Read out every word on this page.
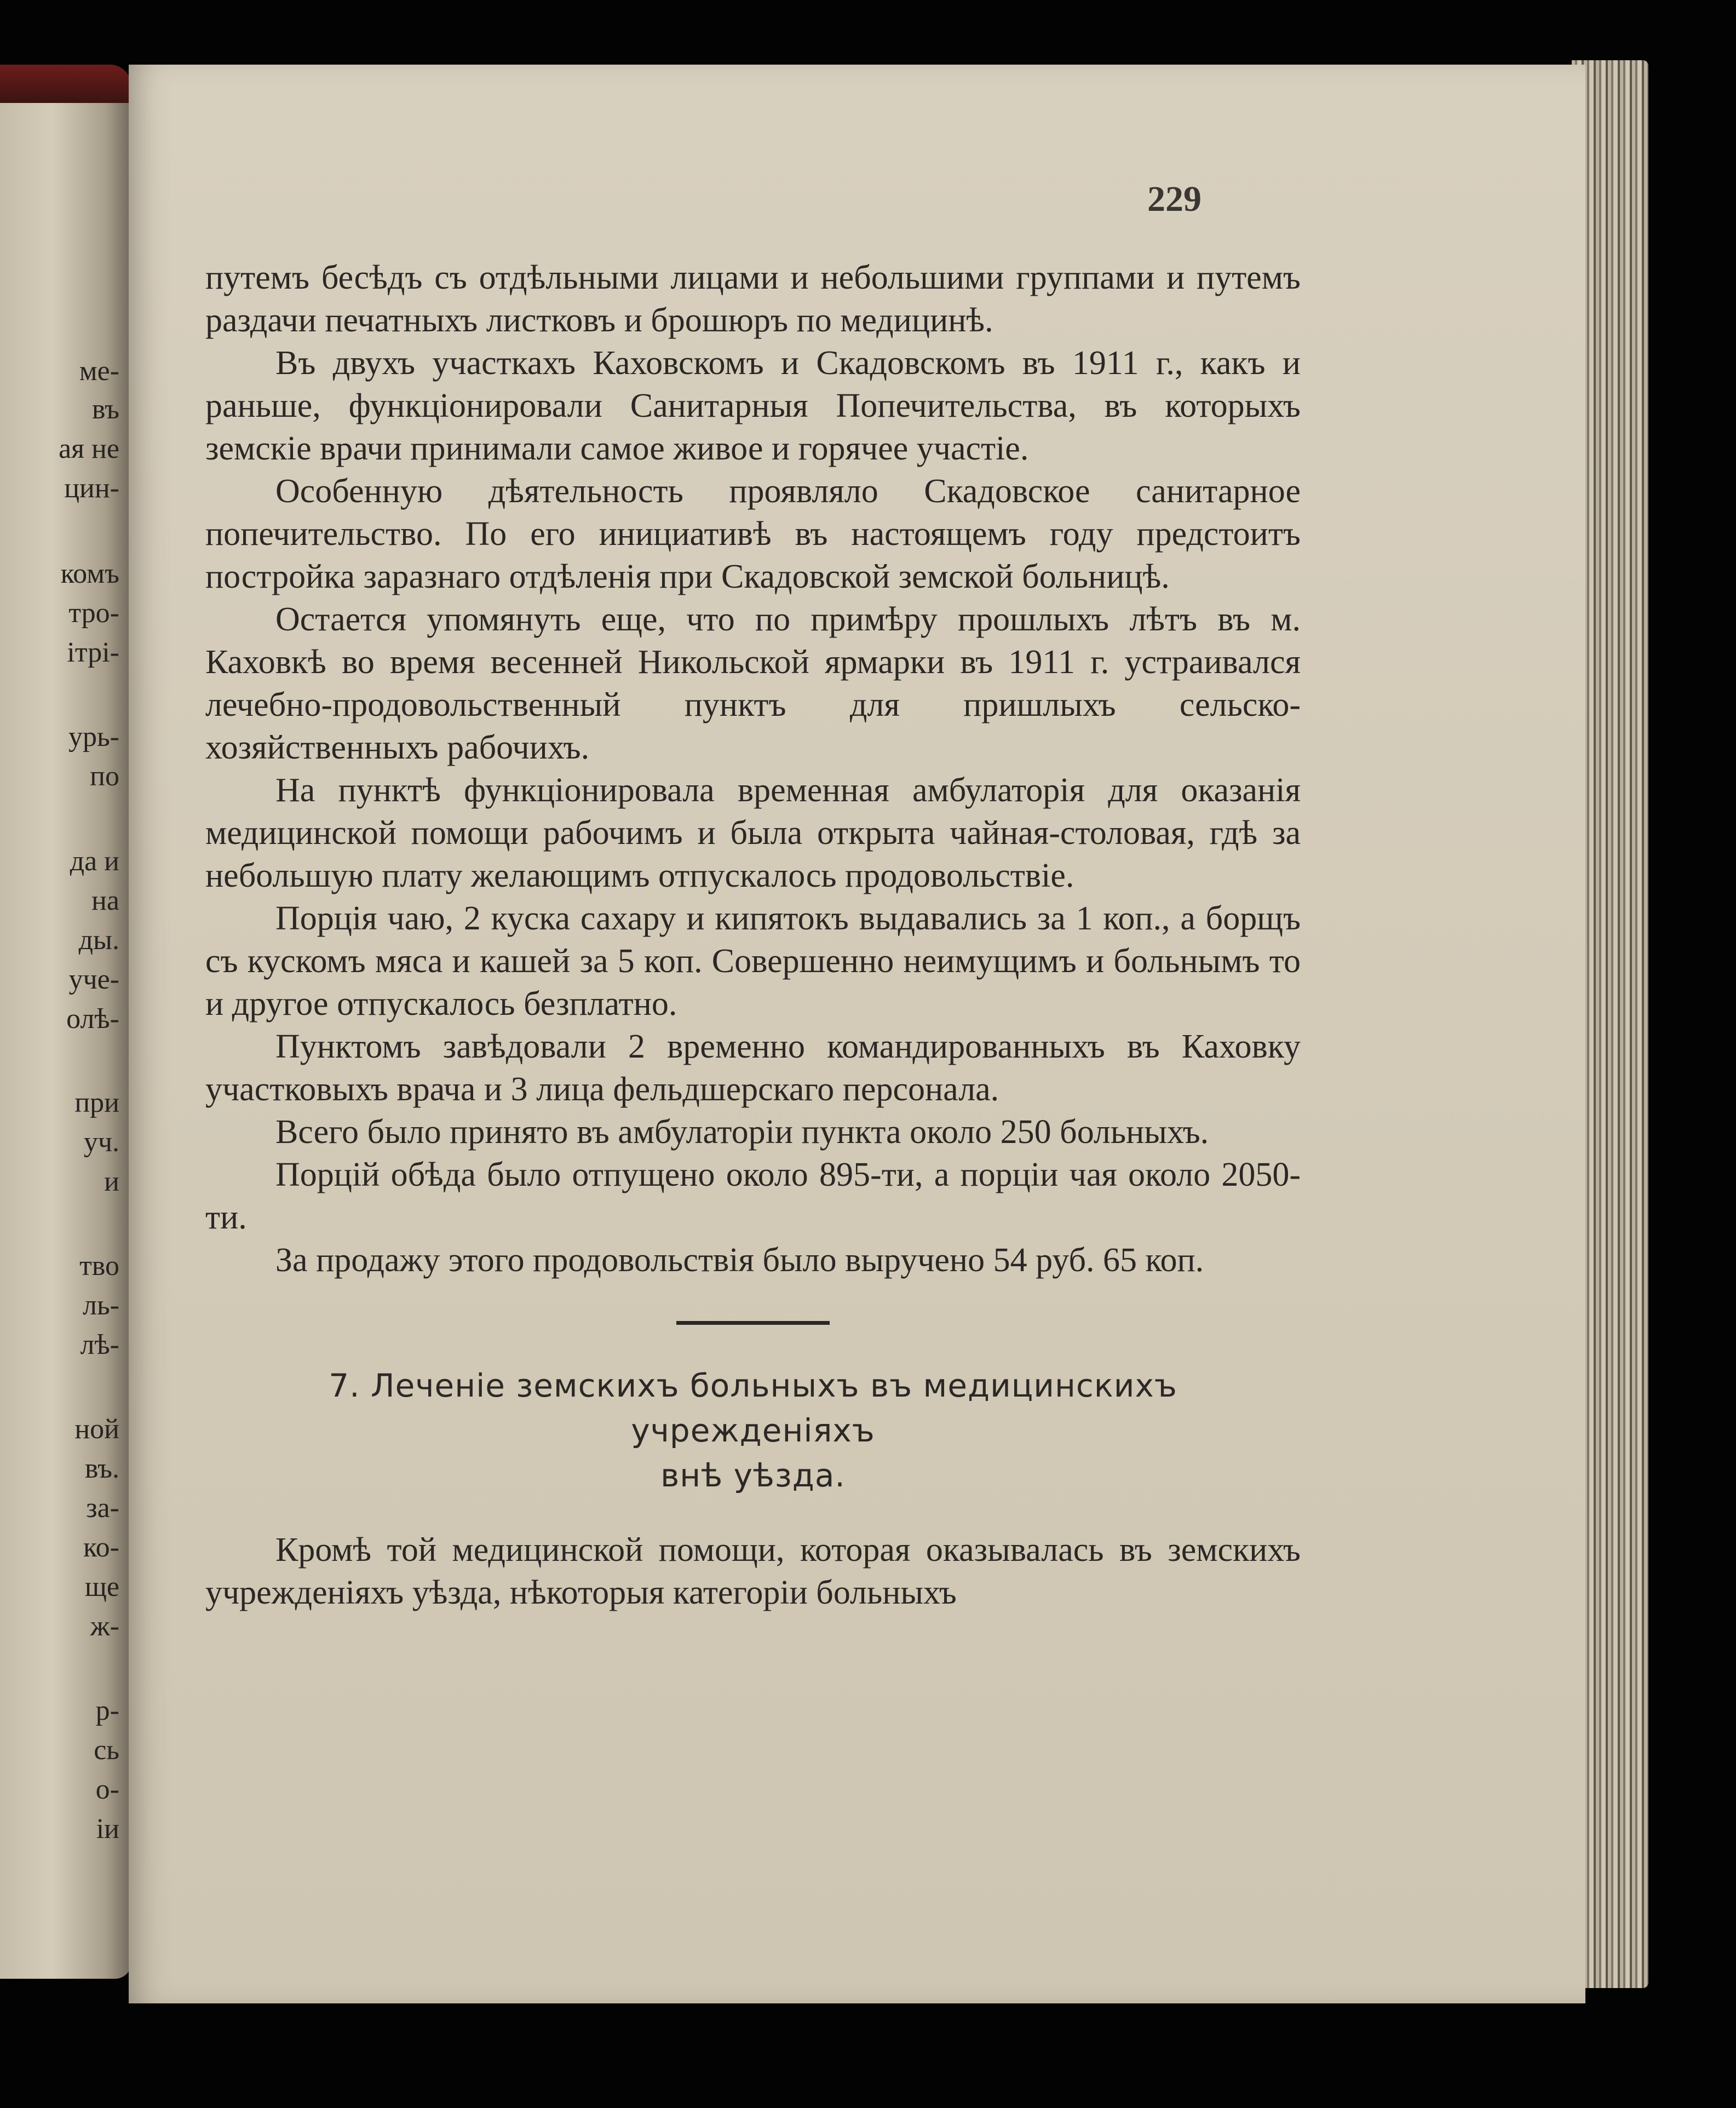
ме-

въ

ая не

цин-

комъ

тро-

ітрі-

урь-

по

да и

на

ды.

уче-

олѣ-

при

уч.

и

тво

ль-

лѣ-

ной

въ.

за-

ко-

ще

ж-

р-

сь

о-

іи

229

путемъ бесѣдъ съ отдѣльными лицами и небольшими группами и путемъ раздачи печатныхъ листковъ и брошюръ по медицинѣ.

Въ двухъ участкахъ Каховскомъ и Скадовскомъ въ 1911 г., какъ и раньше, функціонировали Санитарныя Попечительства, въ которыхъ земскіе врачи принимали самое живое и горячее участіе.

Особенную дѣятельность проявляло Скадовское санитарное попечительство. По его инициативѣ въ настоящемъ году предстоитъ постройка заразнаго отдѣленія при Скадовской земской больницѣ.

Остается упомянуть еще, что по примѣру прошлыхъ лѣтъ въ м. Каховкѣ во время весенней Никольской ярмарки въ 1911 г. устраивался лечебно-продовольственный пунктъ для пришлыхъ сельско-хозяйственныхъ рабочихъ.

На пунктѣ функціонировала временная амбулаторія для оказанія медицинской помощи рабочимъ и была открыта чайная-столовая, гдѣ за небольшую плату желающимъ отпускалось продовольствіе.

Порція чаю, 2 куска сахару и кипятокъ выдавались за 1 коп., а борщъ съ кускомъ мяса и кашей за 5 коп. Совершенно неимущимъ и больнымъ то и другое отпускалось безплатно.

Пунктомъ завѣдовали 2 временно командированныхъ въ Каховку участковыхъ врача и 3 лица фельдшерскаго персонала.

Всего было принято въ амбулаторіи пункта около 250 больныхъ.

Порцій обѣда было отпущено около 895-ти, а порціи чая около 2050-ти.

За продажу этого продовольствія было выручено 54 руб. 65 коп.

7. Леченіе земскихъ больныхъ въ медицинскихъ учрежденіяхъ

внѣ уѣзда.

Кромѣ той медицинской помощи, которая оказывалась въ земскихъ учрежденіяхъ уѣзда, нѣкоторыя категоріи больныхъ
